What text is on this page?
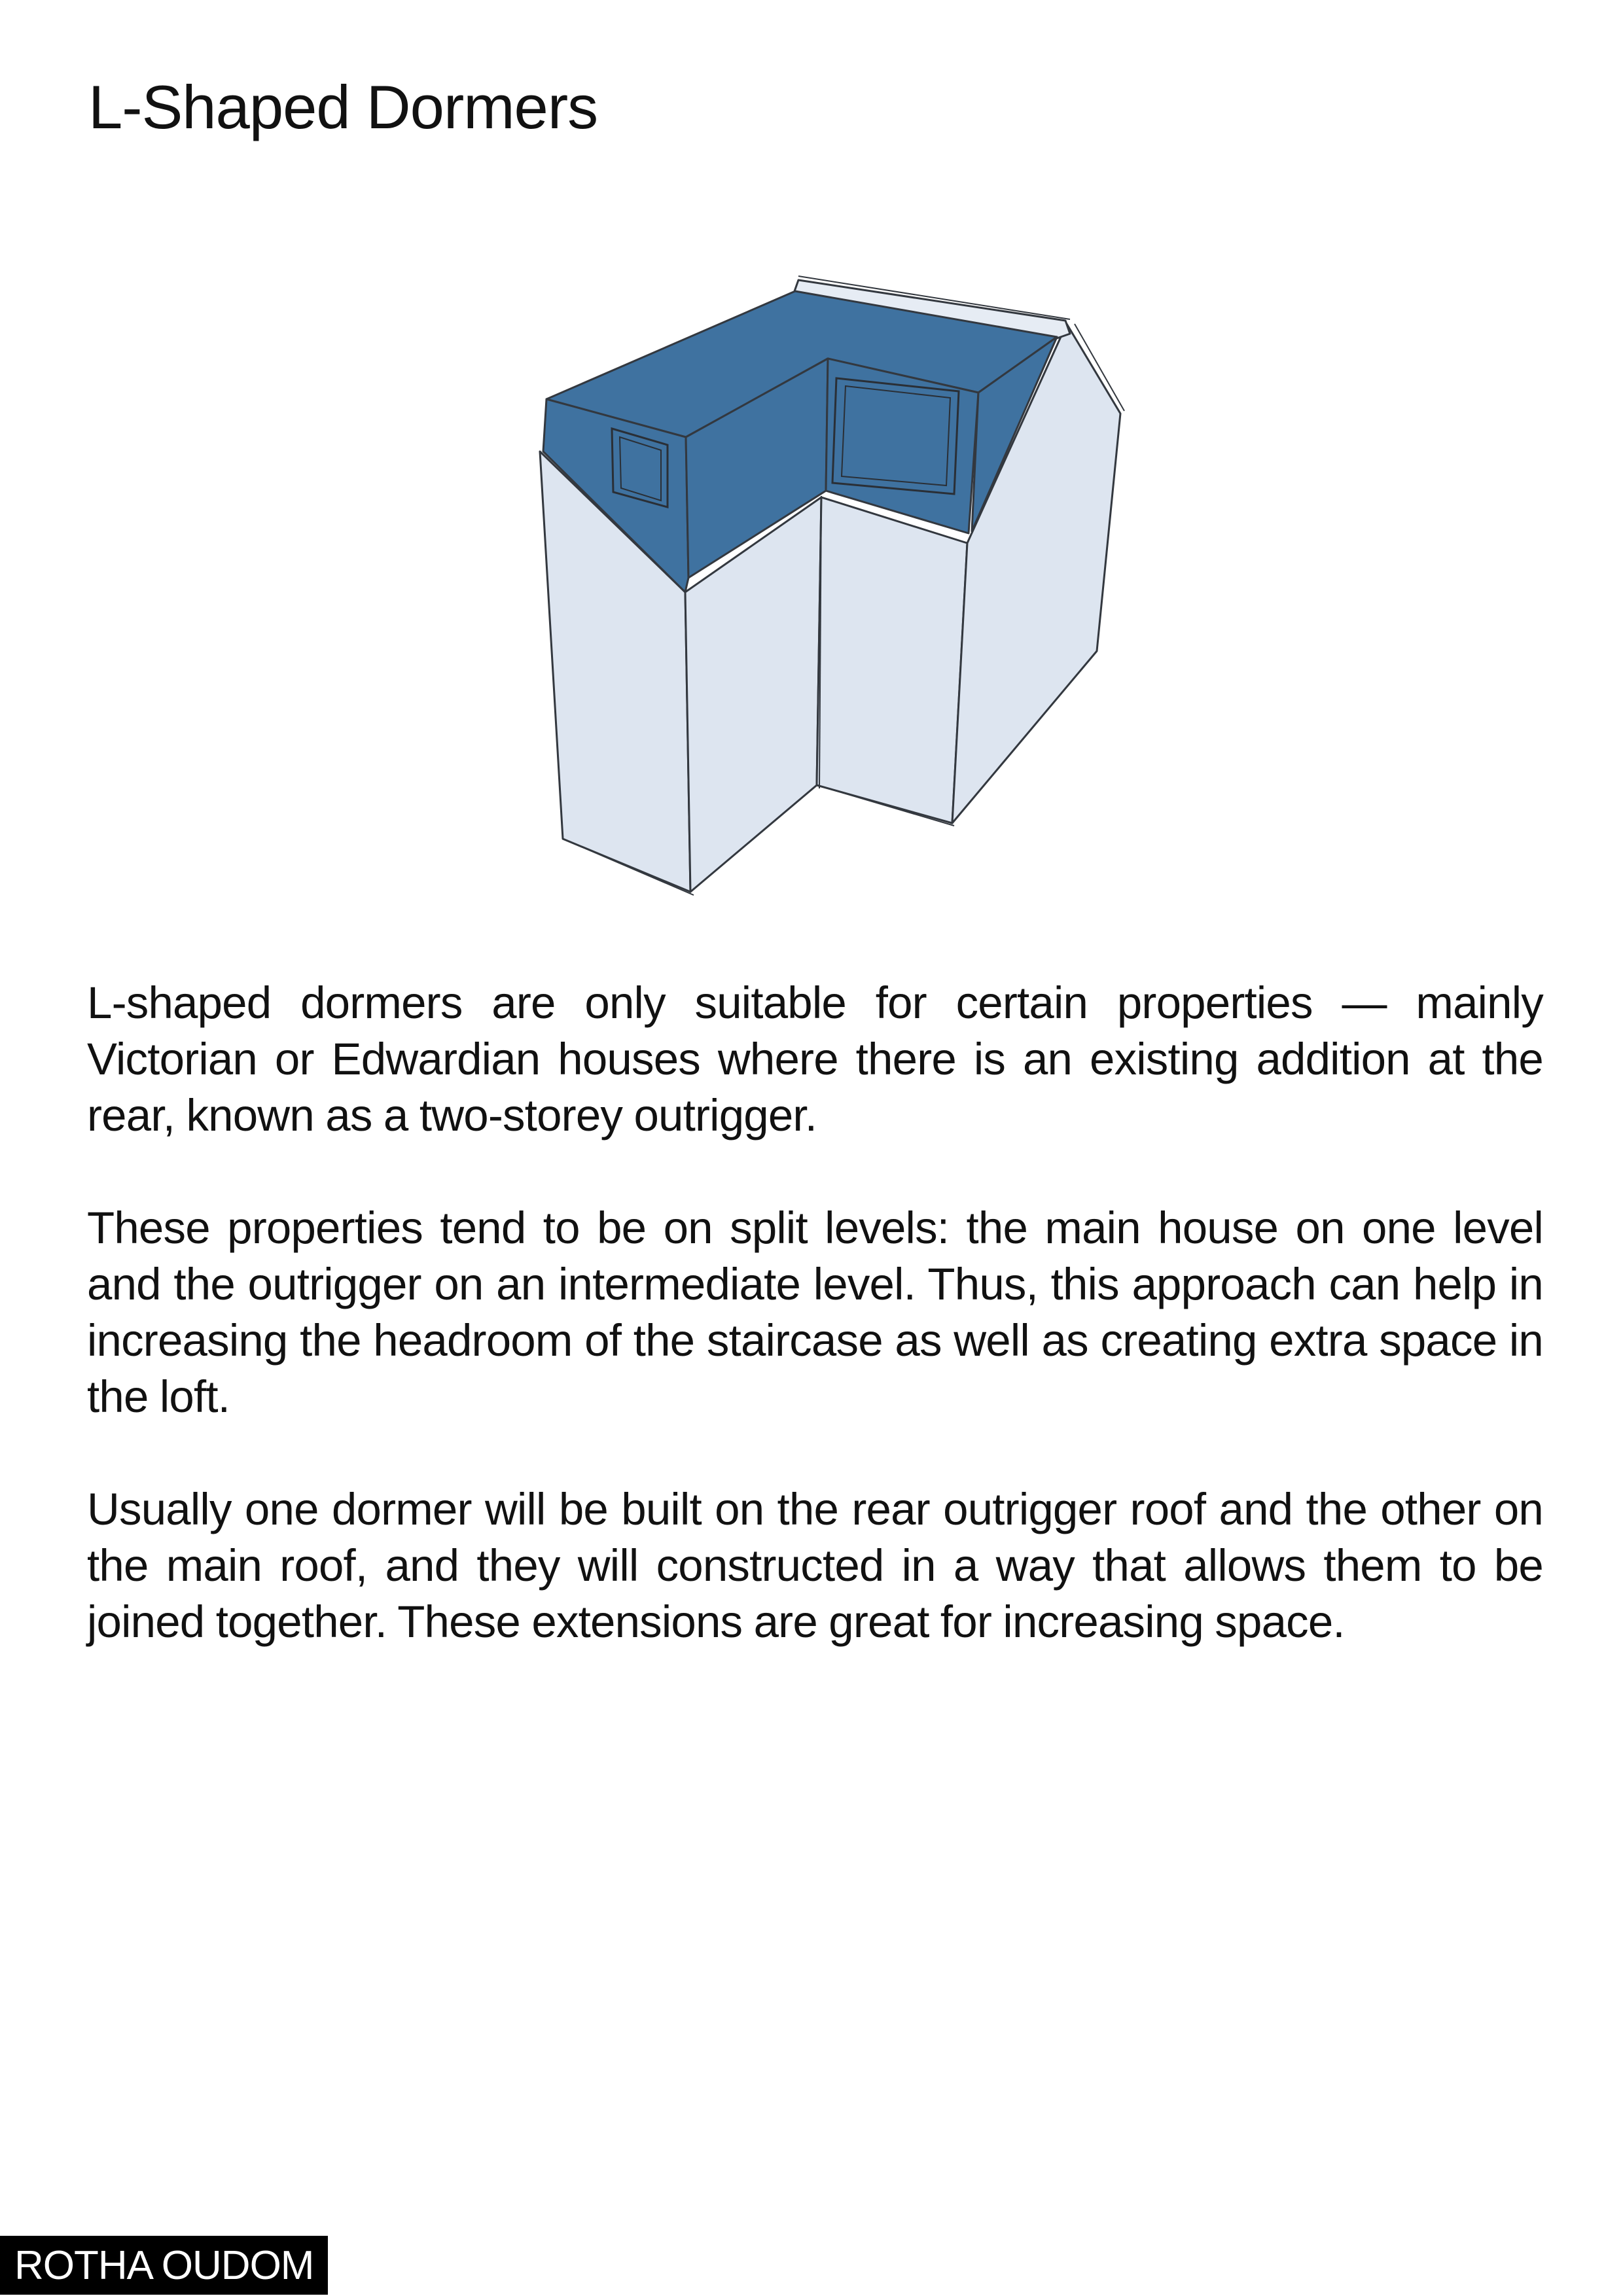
L-Shaped Dormers

L-shaped dormers are only suitable for certain properties — mainly Victorian or Edwardian houses where there is an existing addition at the rear, known as a two-storey outrigger.

These properties tend to be on split levels: the main house on one level and the outrigger on an intermediate level. Thus, this approach can help in increasing the headroom of the staircase as well as creating extra space in the loft.

Usually one dormer will be built on the rear outrigger roof and the other on the main roof, and they will constructed in a way that allows them to be joined together. These extensions are great for increasing space.

ROTHA OUDOM
